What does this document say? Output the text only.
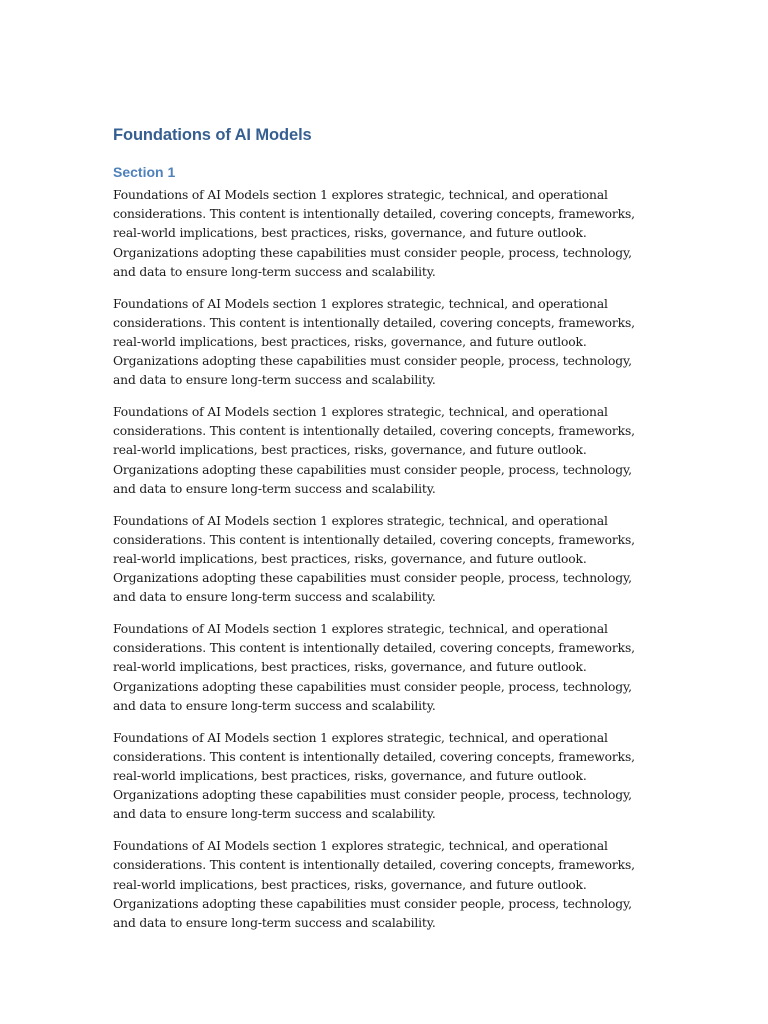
Foundations of AI Models
Section 1

Foundations of AI Models section 1 explores strategic, technical, and operational considerations. This content is intentionally detailed, covering concepts, frameworks, real-world implications, best practices, risks, governance, and future outlook. Organizations adopting these capabilities must consider people, process, technology, and data to ensure long-term success and scalability.

Foundations of AI Models section 1 explores strategic, technical, and operational considerations. This content is intentionally detailed, covering concepts, frameworks, real-world implications, best practices, risks, governance, and future outlook. Organizations adopting these capabilities must consider people, process, technology, and data to ensure long-term success and scalability.

Foundations of AI Models section 1 explores strategic, technical, and operational considerations. This content is intentionally detailed, covering concepts, frameworks, real-world implications, best practices, risks, governance, and future outlook. Organizations adopting these capabilities must consider people, process, technology, and data to ensure long-term success and scalability.

Foundations of AI Models section 1 explores strategic, technical, and operational considerations. This content is intentionally detailed, covering concepts, frameworks, real-world implications, best practices, risks, governance, and future outlook. Organizations adopting these capabilities must consider people, process, technology, and data to ensure long-term success and scalability.

Foundations of AI Models section 1 explores strategic, technical, and operational considerations. This content is intentionally detailed, covering concepts, frameworks, real-world implications, best practices, risks, governance, and future outlook. Organizations adopting these capabilities must consider people, process, technology, and data to ensure long-term success and scalability.

Foundations of AI Models section 1 explores strategic, technical, and operational considerations. This content is intentionally detailed, covering concepts, frameworks, real-world implications, best practices, risks, governance, and future outlook. Organizations adopting these capabilities must consider people, process, technology, and data to ensure long-term success and scalability.

Foundations of AI Models section 1 explores strategic, technical, and operational considerations. This content is intentionally detailed, covering concepts, frameworks, real-world implications, best practices, risks, governance, and future outlook. Organizations adopting these capabilities must consider people, process, technology, and data to ensure long-term success and scalability.
